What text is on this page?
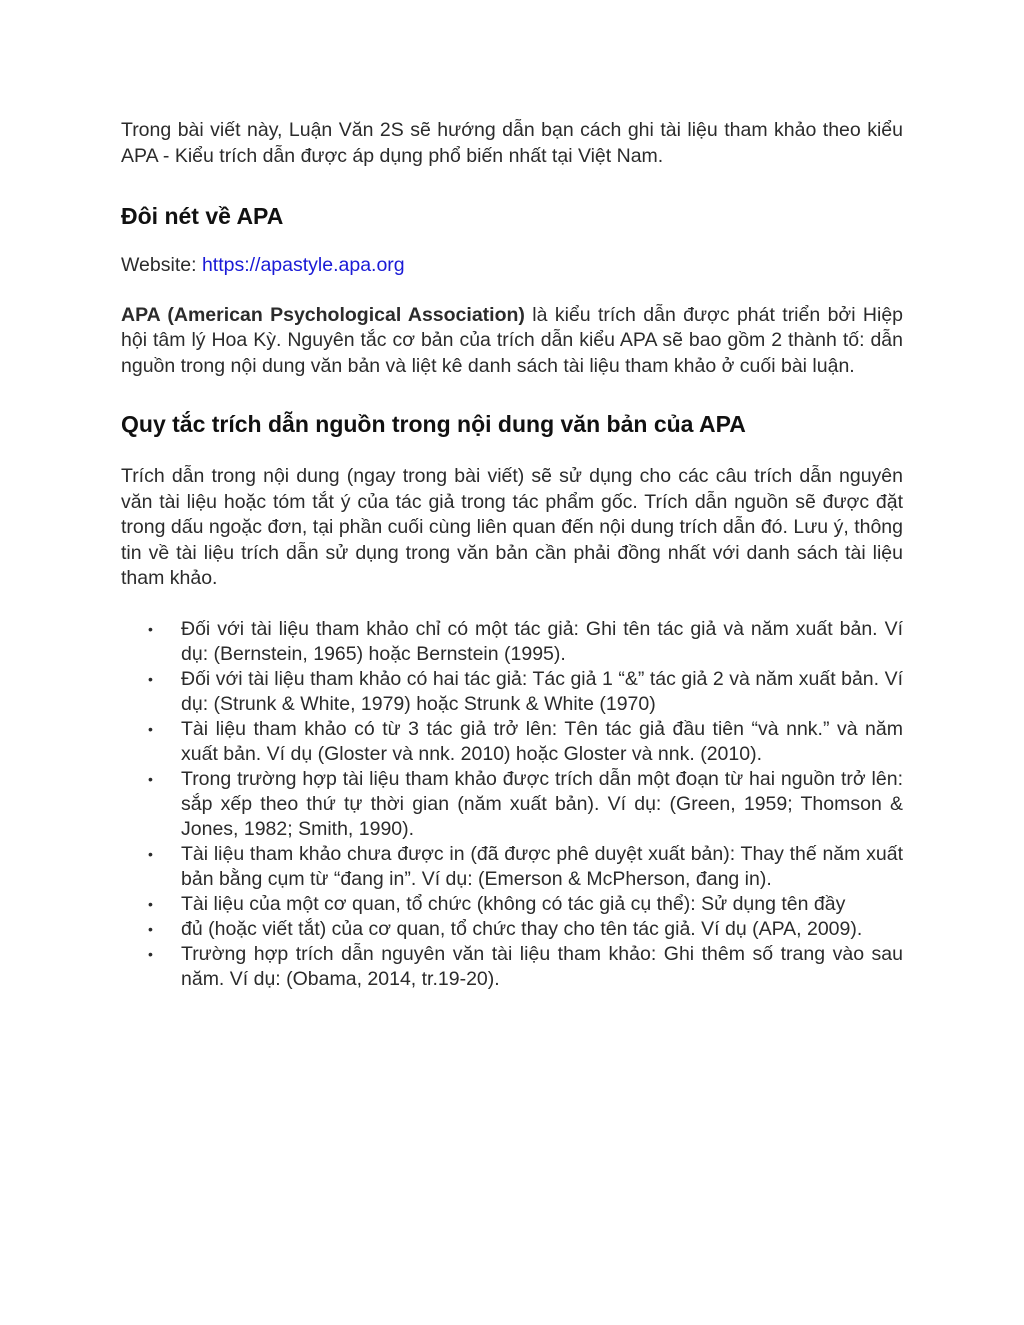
Trong bài viết này, Luận Văn 2S sẽ hướng dẫn bạn cách ghi tài liệu tham khảo theo kiểu APA - Kiểu trích dẫn được áp dụng phổ biến nhất tại Việt Nam.

Đôi nét về APA

Website: https://apastyle.apa.org

APA (American Psychological Association) là kiểu trích dẫn được phát triển bởi Hiệp hội tâm lý Hoa Kỳ. Nguyên tắc cơ bản của trích dẫn kiểu APA sẽ bao gồm 2 thành tố: dẫn nguồn trong nội dung văn bản và liệt kê danh sách tài liệu tham khảo ở cuối bài luận.

Quy tắc trích dẫn nguồn trong nội dung văn bản của APA

Trích dẫn trong nội dung (ngay trong bài viết) sẽ sử dụng cho các câu trích dẫn nguyên văn tài liệu hoặc tóm tắt ý của tác giả trong tác phẩm gốc. Trích dẫn nguồn sẽ được đặt trong dấu ngoặc đơn, tại phần cuối cùng liên quan đến nội dung trích dẫn đó. Lưu ý, thông tin về tài liệu trích dẫn sử dụng trong văn bản cần phải đồng nhất với danh sách tài liệu tham khảo.

• Đối với tài liệu tham khảo chỉ có một tác giả: Ghi tên tác giả và năm xuất bản. Ví dụ: (Bernstein, 1965) hoặc Bernstein (1995).
• Đối với tài liệu tham khảo có hai tác giả: Tác giả 1 “&” tác giả 2 và năm xuất bản. Ví dụ: (Strunk & White, 1979) hoặc Strunk & White (1970)
• Tài liệu tham khảo có từ 3 tác giả trở lên: Tên tác giả đầu tiên “và nnk.” và năm xuất bản. Ví dụ (Gloster và nnk. 2010) hoặc Gloster và nnk. (2010).
• Trong trường hợp tài liệu tham khảo được trích dẫn một đoạn từ hai nguồn trở lên: sắp xếp theo thứ tự thời gian (năm xuất bản). Ví dụ: (Green, 1959; Thomson & Jones, 1982; Smith, 1990).
• Tài liệu tham khảo chưa được in (đã được phê duyệt xuất bản): Thay thế năm xuất bản bằng cụm từ “đang in”. Ví dụ: (Emerson & McPherson, đang in).
• Tài liệu của một cơ quan, tổ chức (không có tác giả cụ thể): Sử dụng tên đầy
• đủ (hoặc viết tắt) của cơ quan, tổ chức thay cho tên tác giả. Ví dụ (APA, 2009).
• Trường hợp trích dẫn nguyên văn tài liệu tham khảo: Ghi thêm số trang vào sau năm. Ví dụ: (Obama, 2014, tr.19-20).
